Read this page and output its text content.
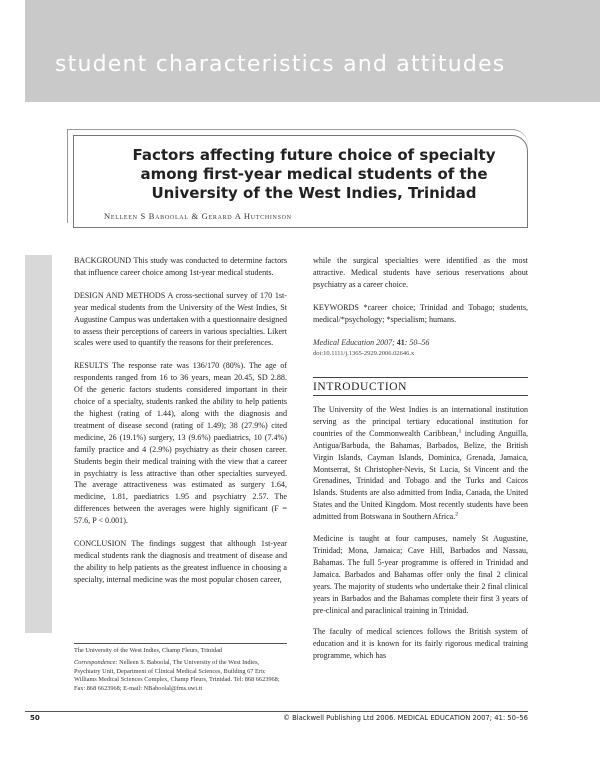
student characteristics and attitudes
Factors affecting future choice of specialty among first-year medical students of the University of the West Indies, Trinidad
Nelleen S Baboolal & Gerard A Hutchinson

BACKGROUND This study was conducted to determine factors that influence career choice among 1st-year medical students.

DESIGN AND METHODS A cross-sectional survey of 170 1st-year medical students from the University of the West Indies, St Augustine Campus was undertaken with a questionnaire designed to assess their perceptions of careers in various specialties. Likert scales were used to quantify the reasons for their preferences.

RESULTS The response rate was 136/170 (80%). The age of respondents ranged from 16 to 36 years, mean 20.45, SD 2.88. Of the generic factors students considered important in their choice of a specialty, students ranked the ability to help patients the highest (rating of 1.44), along with the diagnosis and treatment of disease second (rating of 1.49); 38 (27.9%) cited medicine, 26 (19.1%) surgery, 13 (9.6%) paediatrics, 10 (7.4%) family practice and 4 (2.9%) psychiatry as their chosen career. Students begin their medical training with the view that a career in psychiatry is less attractive than other specialties surveyed. The average attractiveness was estimated as surgery 1.64, medicine, 1.81, paediatrics 1.95 and psychiatry 2.57. The differences between the averages were highly significant (F = 57.6, P < 0.001).

CONCLUSION The findings suggest that although 1st-year medical students rank the diagnosis and treatment of disease and the ability to help patients as the greatest influence in choosing a specialty, internal medicine was the most popular chosen career,

The University of the West Indies, Champ Fleurs, Trinidad

Correspondence: Nelleen S. Baboolal, The University of the West Indies, Psychiatry Unit, Department of Clinical Medical Sciences, Building 67 Eric Williams Medical Sciences Complex, Champ Fleurs, Trinidad. Tel: 868 6623968; Fax: 868 6623968; E-mail: NBaboolal@fms.uwi.tt

while the surgical specialties were identified as the most attractive. Medical students have serious reservations about psychiatry as a career choice.

KEYWORDS *career choice; Trinidad and Tobago; students, medical/*psychology; *specialism; humans.

Medical Education 2007; 41: 50–56

doi:10.1111/j.1365-2929.2006.02646.x

INTRODUCTION

The University of the West Indies is an international institution serving as the principal tertiary educational institution for countries of the Commonwealth Caribbean,$^1$ including Anguilla, Antigua/Barbuda, the Bahamas, Barbados, Belize, the British Virgin Islands, Cayman Islands, Dominica, Grenada, Jamaica, Montserrat, St Christopher-Nevis, St Lucia, St Vincent and the Grenadines, Trinidad and Tobago and the Turks and Caicos Islands. Students are also admitted from India, Canada, the United States and the United Kingdom. Most recently students have been admitted from Botswana in Southern Africa.$^2$

Medicine is taught at four campuses, namely St Augustine, Trinidad; Mona, Jamaica; Cave Hill, Barbados and Nassau, Bahamas. The full 5-year programme is offered in Trinidad and Jamaica. Barbados and Bahamas offer only the final 2 clinical years. The majority of students who undertake their 2 final clinical years in Barbados and the Bahamas complete their first 3 years of pre-clinical and paraclinical training in Trinidad.

The faculty of medical sciences follows the British system of education and it is known for its fairly rigorous medical training programme, which has

50	© Blackwell Publishing Ltd 2006. MEDICAL EDUCATION 2007; 41: 50–56
